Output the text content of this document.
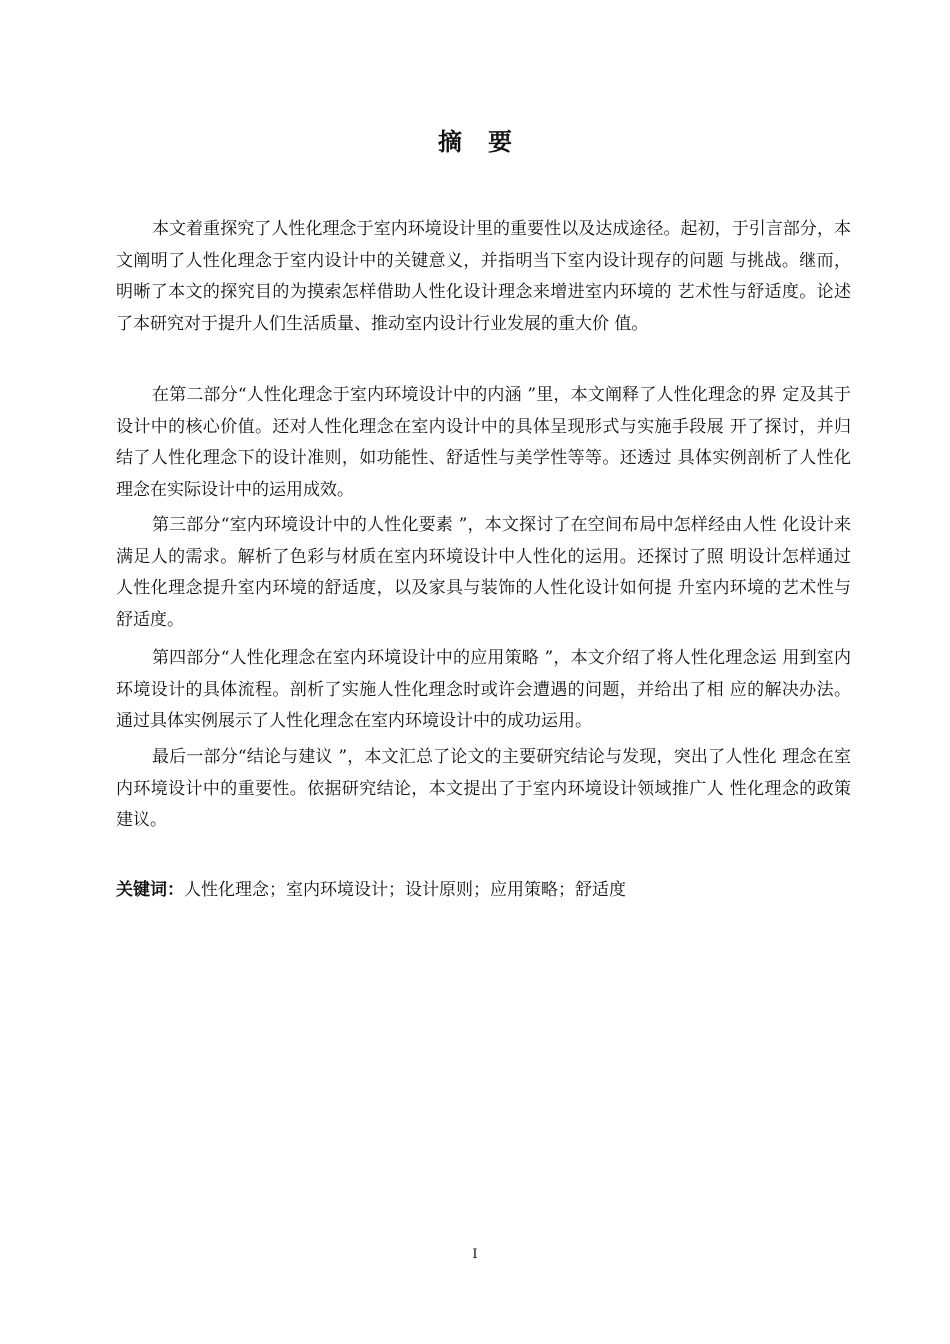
摘 要

本文着重探究了人性化理念于室内环境设计里的重要性以及达成途径。起初，于引言部分，本文阐明了人性化理念于室内设计中的关键意义，并指明当下室内设计现存的问题 与挑战。继而，明晰了本文的探究目的为摸索怎样借助人性化设计理念来增进室内环境的 艺术性与舒适度。论述了本研究对于提升人们生活质量、推动室内设计行业发展的重大价 值。

在第二部分“人性化理念于室内环境设计中的内涵 ”里，本文阐释了人性化理念的界 定及其于设计中的核心价值。还对人性化理念在室内设计中的具体呈现形式与实施手段展 开了探讨，并归结了人性化理念下的设计准则，如功能性、舒适性与美学性等等。还透过 具体实例剖析了人性化理念在实际设计中的运用成效。

第三部分“室内环境设计中的人性化要素 ”，本文探讨了在空间布局中怎样经由人性 化设计来满足人的需求。解析了色彩与材质在室内环境设计中人性化的运用。还探讨了照 明设计怎样通过人性化理念提升室内环境的舒适度，以及家具与装饰的人性化设计如何提 升室内环境的艺术性与舒适度。

第四部分“人性化理念在室内环境设计中的应用策略 ”，本文介绍了将人性化理念运 用到室内环境设计的具体流程。剖析了实施人性化理念时或许会遭遇的问题，并给出了相 应的解决办法。通过具体实例展示了人性化理念在室内环境设计中的成功运用。

最后一部分“结论与建议 ”，本文汇总了论文的主要研究结论与发现，突出了人性化 理念在室内环境设计中的重要性。依据研究结论，本文提出了于室内环境设计领域推广人 性化理念的政策建议。

关键词：人性化理念；室内环境设计；设计原则；应用策略；舒适度
I
